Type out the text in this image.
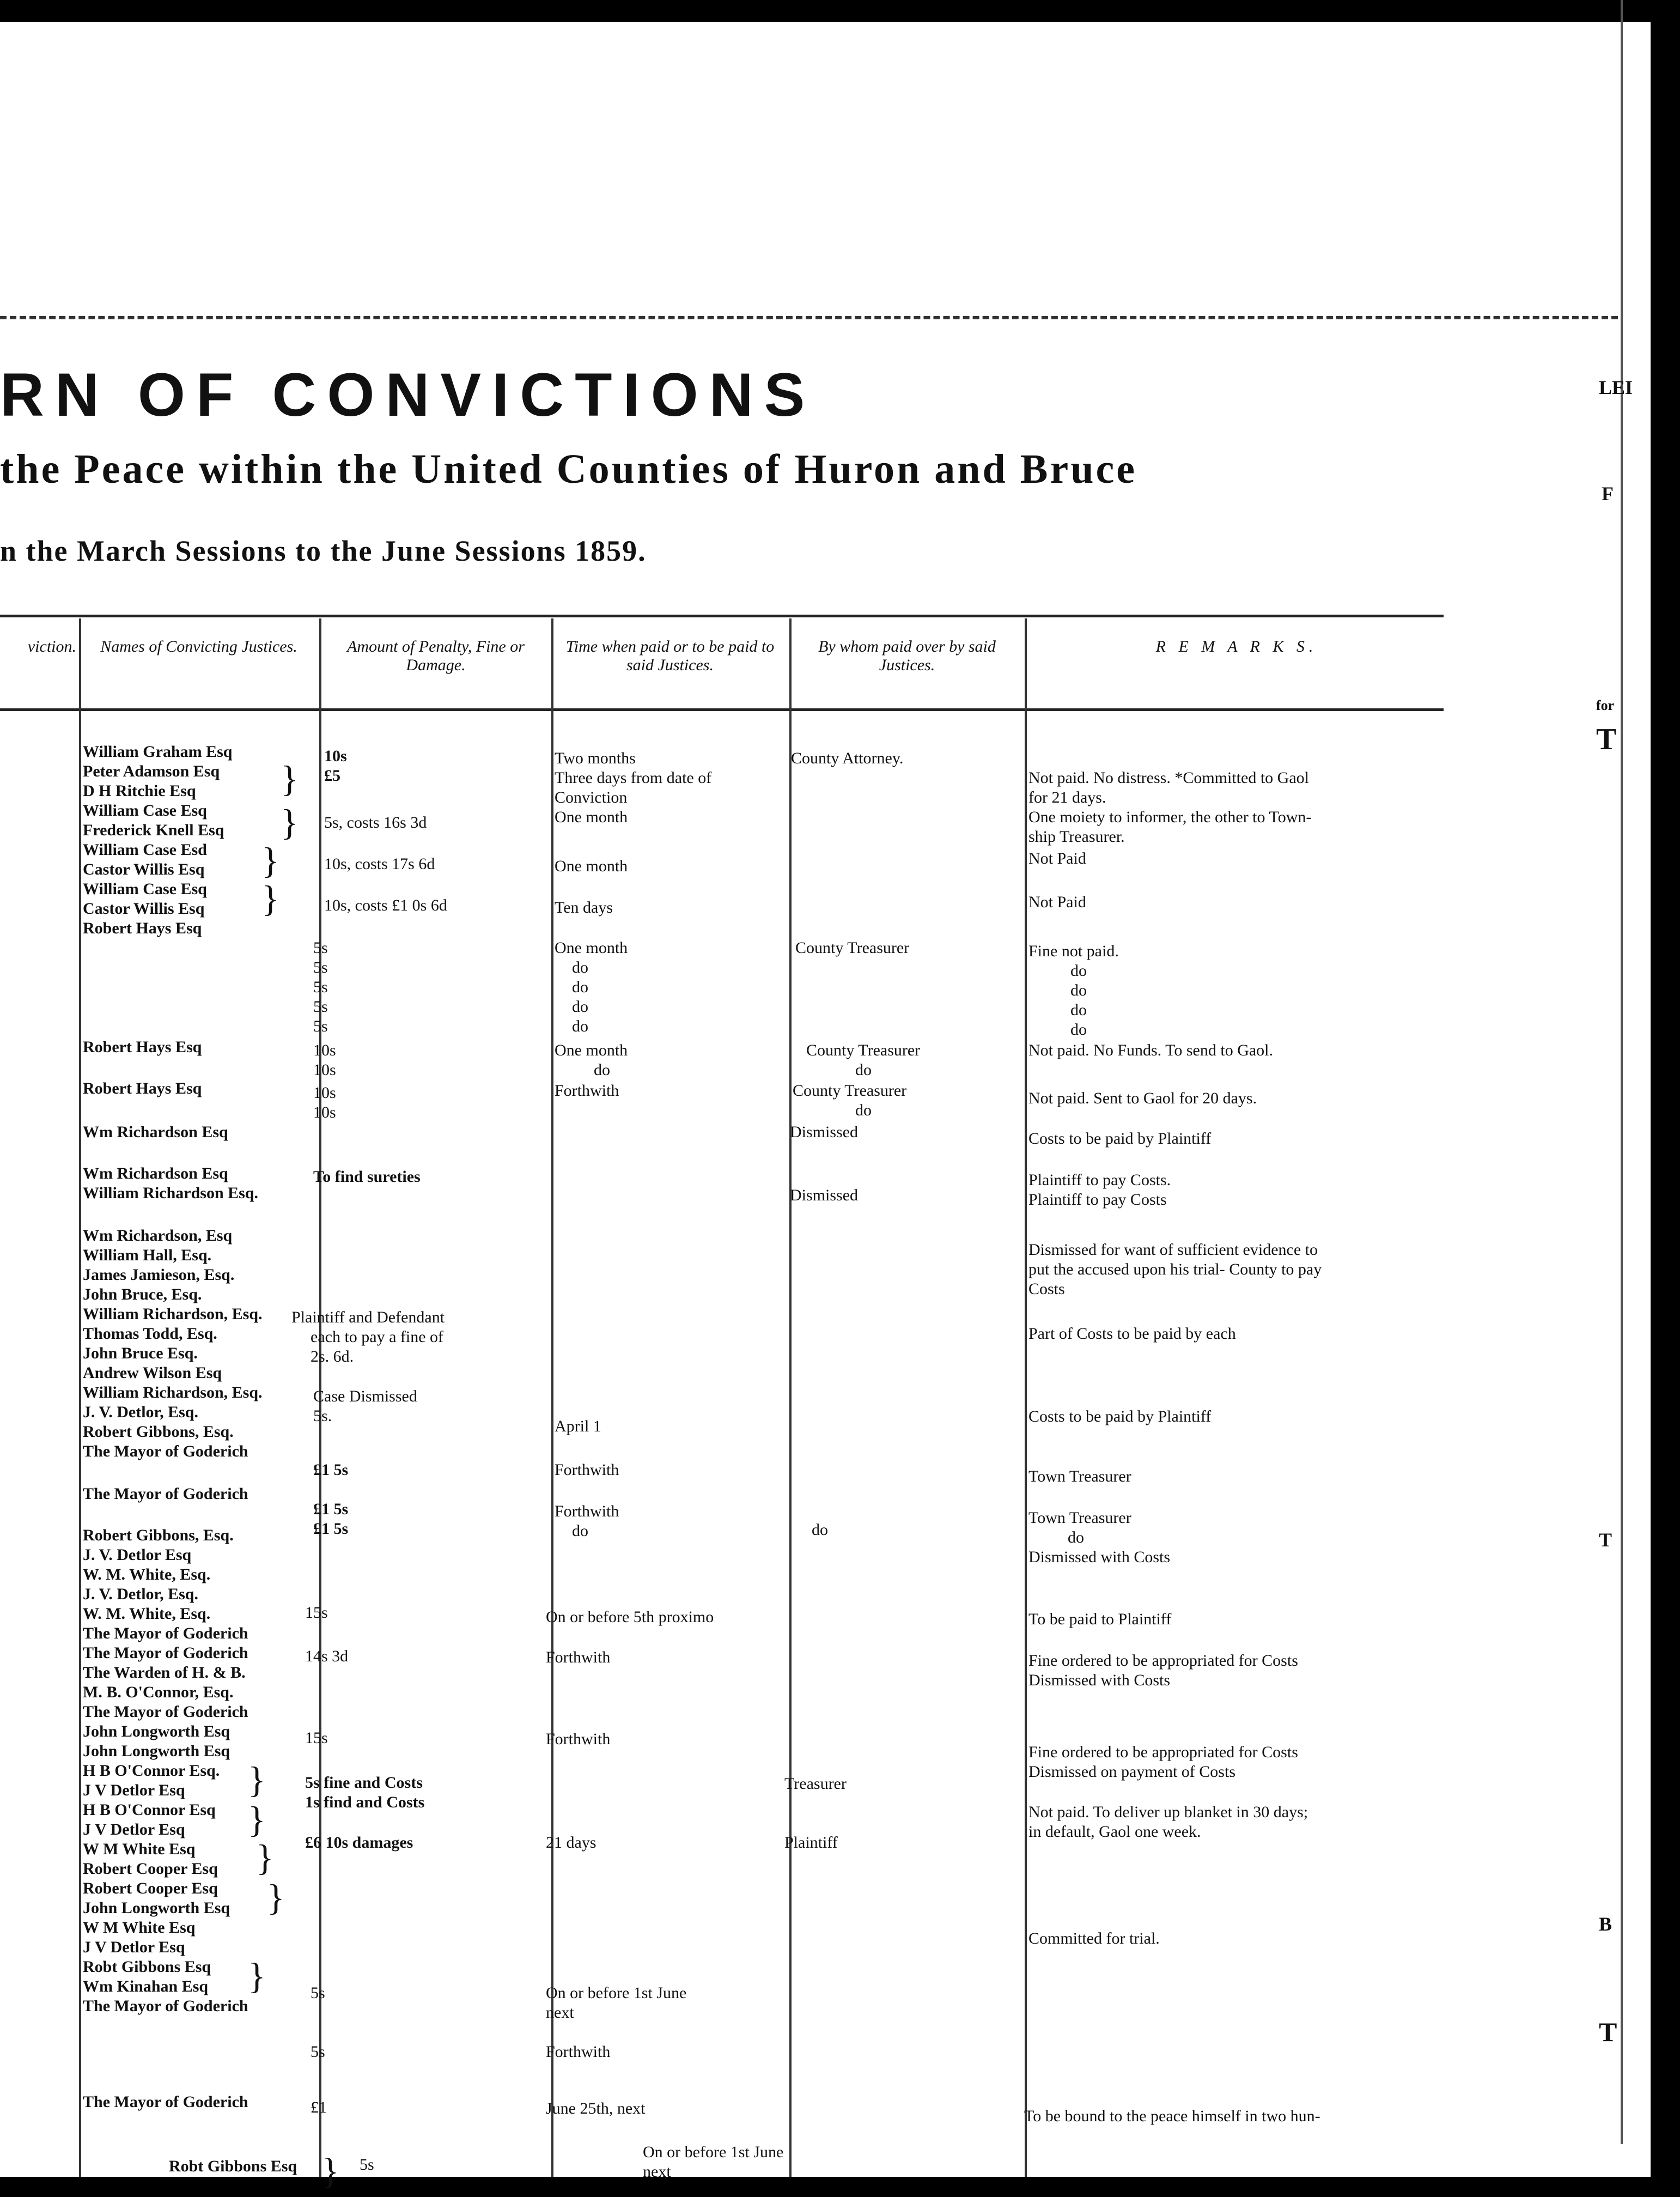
RN OF CONVICTIONS
the Peace within the United Counties of Huron and Bruce
n the March Sessions to the June Sessions 1859.
viction.	Names of Convicting Justices.	Amount of Penalty, Fine or Damage.
Time when paid or to be paid to said Justices.
By whom paid over by said Justices.
R E M A R K S.
William Graham Esq
Peter Adamson Esq
D H Ritchie Esq
William Case Esq
Frederick Knell Esq
William Case Esd
Castor Willis Esq
William Case Esq
Castor Willis Esq
Robert Hays Esq
Robert Hays Esq
Robert Hays Esq
Wm Richardson Esq
Wm Richardson Esq
William Richardson Esq.
Wm Richardson, Esq
William Hall, Esq.
James Jamieson, Esq.
John Bruce, Esq.
William Richardson, Esq.
Thomas Todd, Esq.
John Bruce Esq.
Andrew Wilson Esq
William Richardson, Esq.
J. V. Detlor, Esq.
Robert Gibbons, Esq.
The Mayor of Goderich
The Mayor of Goderich
Robert Gibbons, Esq.
J. V. Detlor Esq
W. M. White, Esq.
J. V. Detlor, Esq.
W. M. White, Esq.
The Mayor of Goderich
The Mayor of Goderich
The Warden of H. & B.
M. B. O'Connor, Esq.
The Mayor of Goderich
John Longworth Esq
John Longworth Esq
H B O'Connor Esq.
J V Detlor Esq
H B O'Connor Esq
J V Detlor Esq
W M White Esq
Robert Cooper Esq
Robert Cooper Esq
John Longworth Esq
W M White Esq
J V Detlor Esq
Robt Gibbons Esq
Wm Kinahan Esq
The Mayor of Goderich
The Mayor of Goderich
Robt Gibbons Esq
}
}
}
}
}
}
}
}
}
}
10s
£5
5s, costs 16s 3d
10s, costs 17s 6d
10s, costs £1 0s 6d
5s
5s
5s
5s
5s
10s
10s
10s
10s
To find sureties
Plaintiff and Defendant
each to pay a fine of
2s. 6d.
Case Dismissed
5s.
£1 5s
£1 5s
£1 5s
15s
14s 3d
15s
5s fine and Costs
1s find and Costs
£6 10s damages
5s
5s
£1
5s
Two months
Three days from date of
Conviction
One month
One month
Ten days
One month
do
do
do
do
One month
do
Forthwith
April 1
Forthwith
Forthwith
do
On or before 5th proximo
Forthwith
Forthwith
21 days
On or before 1st June
next
Forthwith
June 25th, next
On or before 1st June
next
County Attorney.
County Treasurer
County Treasurer
do
County Treasurer
do
Dismissed
Dismissed
do
Treasurer
Plaintiff
Not paid. No distress. *Committed to Gaol
for 21 days.
One moiety to informer, the other to Town-
ship Treasurer.
Not Paid
Not Paid
Fine not paid.
do
do
do
do
Not paid. No Funds. To send to Gaol.
Not paid. Sent to Gaol for 20 days.
Costs to be paid by Plaintiff
Plaintiff to pay Costs.
Plaintiff to pay Costs
Dismissed for want of sufficient evidence to
put the accused upon his trial- County to pay
Costs
Part of Costs to be paid by each
Costs to be paid by Plaintiff
Town Treasurer
Town Treasurer
do
Dismissed with Costs
To be paid to Plaintiff
Fine ordered to be appropriated for Costs
Dismissed with Costs
Fine ordered to be appropriated for Costs
Dismissed on payment of Costs
Not paid. To deliver up blanket in 30 days;
in default, Gaol one week.
Committed for trial.
To be bound to the peace himself in two hun-
LEI
F
for
T
T
B
T
